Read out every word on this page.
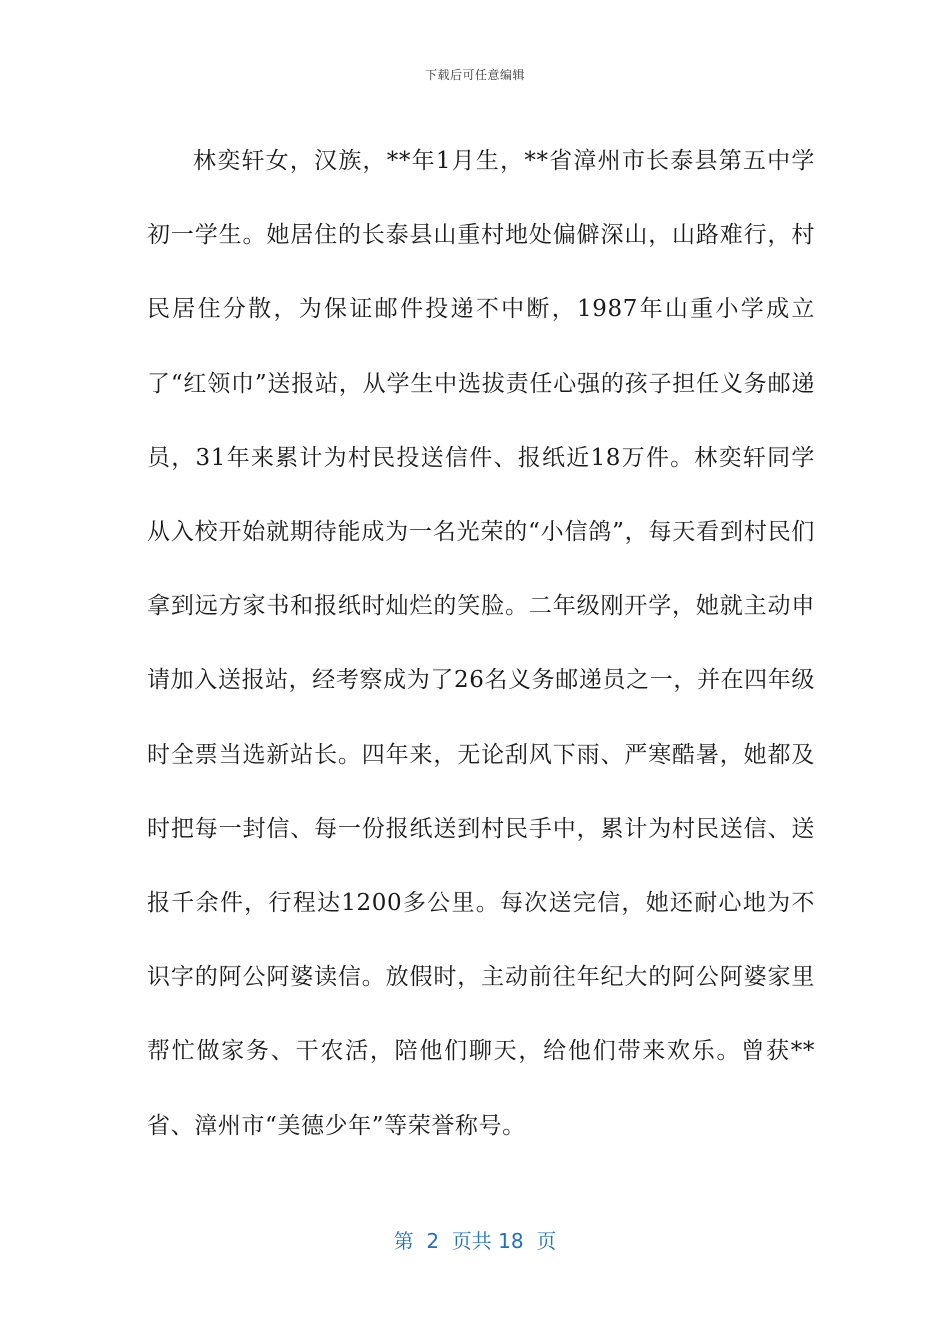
下载后可任意编辑

林奕轩女，汉族，**年1月生，**省漳州市长泰县第五中学初一学生。她居住的长泰县山重村地处偏僻深山，山路难行，村民居住分散，为保证邮件投递不中断，1987年山重小学成立了“红领巾”送报站，从学生中选拔责任心强的孩子担任义务邮递员，31年来累计为村民投送信件、报纸近18万件。林奕轩同学从入校开始就期待能成为一名光荣的“小信鸽”，每天看到村民们拿到远方家书和报纸时灿烂的笑脸。二年级刚开学，她就主动申请加入送报站，经考察成为了26名义务邮递员之一，并在四年级时全票当选新站长。四年来，无论刮风下雨、严寒酷暑，她都及时把每一封信、每一份报纸送到村民手中，累计为村民送信、送报千余件，行程达1200多公里。每次送完信，她还耐心地为不识字的阿公阿婆读信。放假时，主动前往年纪大的阿公阿婆家里帮忙做家务、干农活，陪他们聊天，给他们带来欢乐。曾获**省、漳州市“美德少年”等荣誉称号。

第  2  页共 18  页
